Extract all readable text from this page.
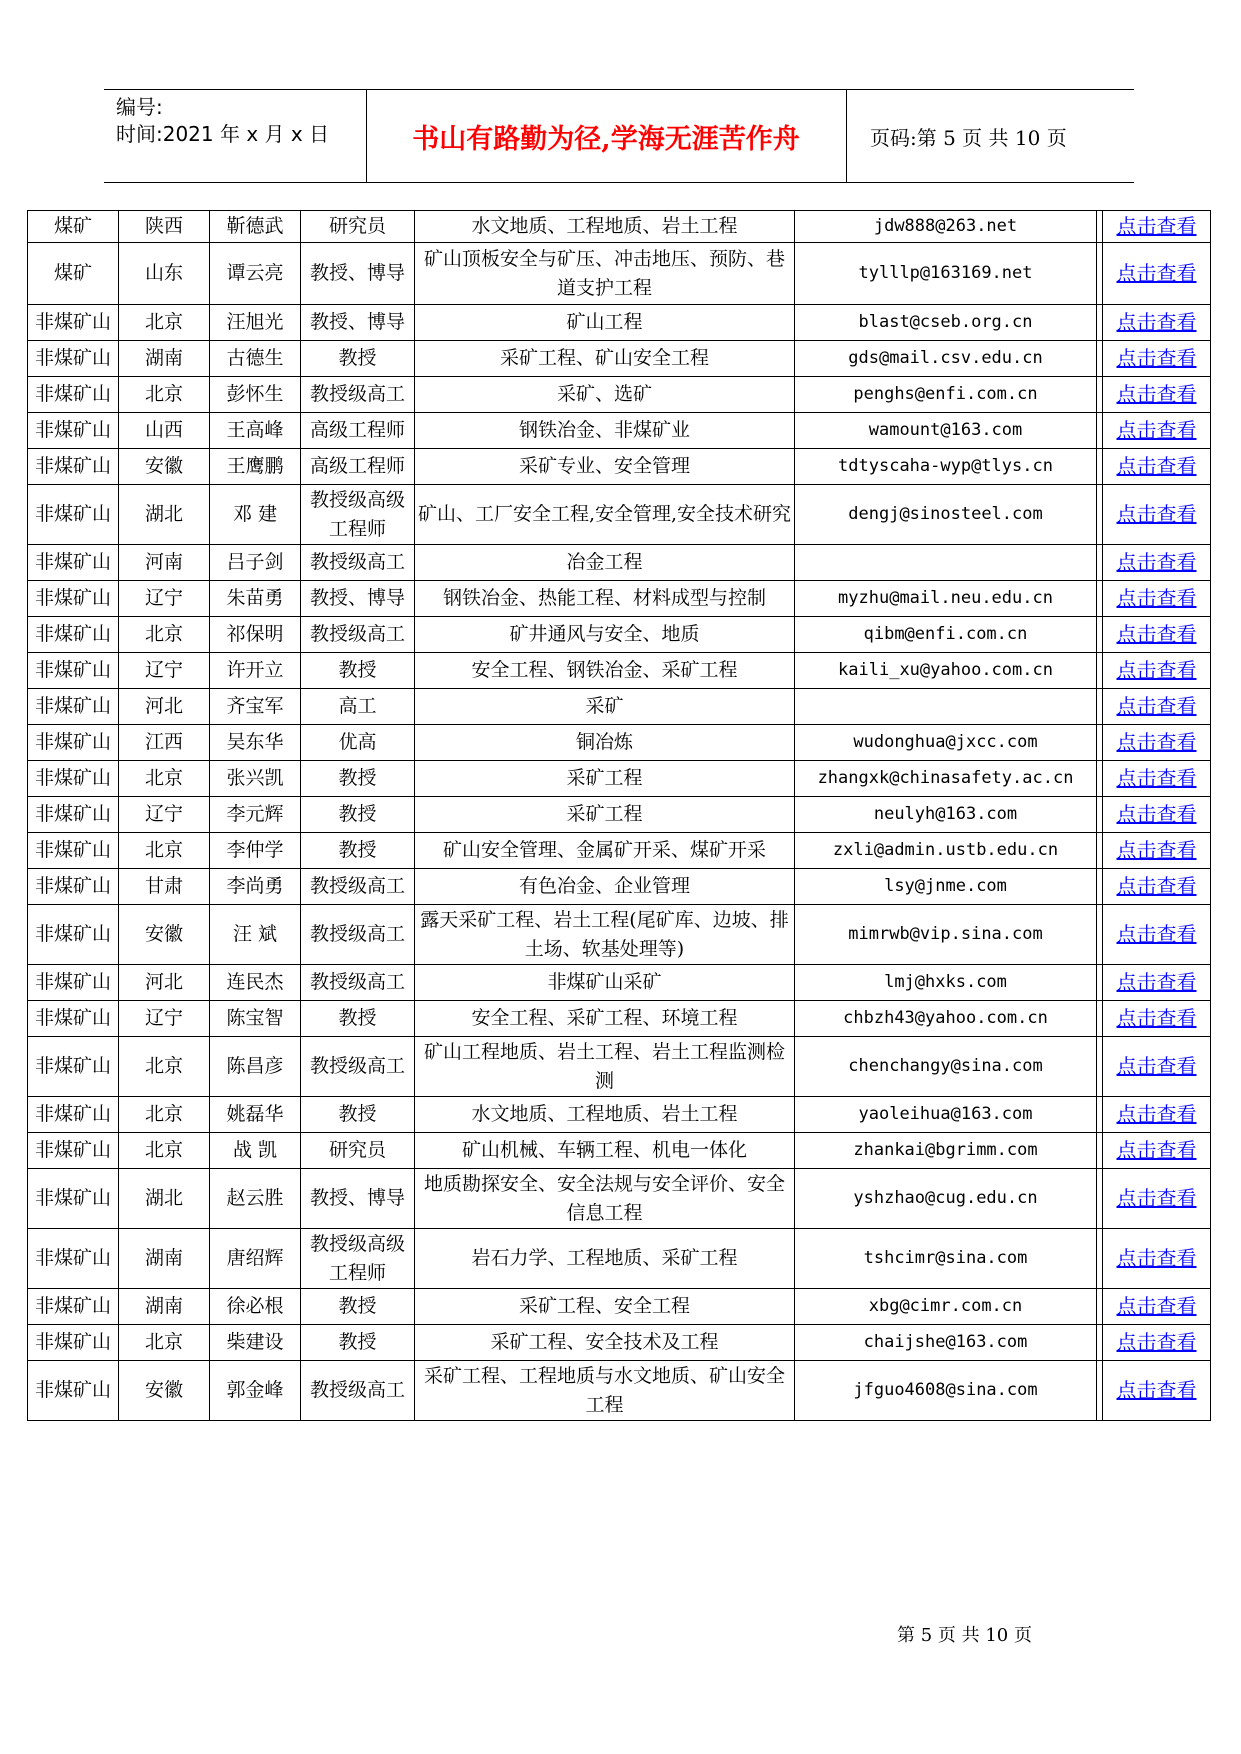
编号:
时间:2021 年 x 月 x 日	书山有路勤为径,学海无涯苦作舟	页码:第 5 页 共 10 页
煤矿	陕西	靳德武	研究员	水文地质、工程地质、岩土工程	jdw888@263.net		点击查看
煤矿	山东	谭云亮	教授、博导	矿山顶板安全与矿压、冲击地压、预防、巷道支护工程	tylllp@163169.net		点击查看
非煤矿山	北京	汪旭光	教授、博导	矿山工程	blast@cseb.org.cn		点击查看
非煤矿山	湖南	古德生	教授	采矿工程、矿山安全工程	gds@mail.csv.edu.cn		点击查看
非煤矿山	北京	彭怀生	教授级高工	采矿、选矿	penghs@enfi.com.cn		点击查看
非煤矿山	山西	王高峰	高级工程师	钢铁冶金、非煤矿业	wamount@163.com		点击查看
非煤矿山	安徽	王鹰鹏	高级工程师	采矿专业、安全管理	tdtyscaha-wyp@tlys.cn		点击查看
非煤矿山	湖北	邓 建	教授级高级工程师	矿山、工厂安全工程,安全管理,安全技术研究	dengj@sinosteel.com		点击查看
非煤矿山	河南	吕子剑	教授级高工	冶金工程			点击查看
非煤矿山	辽宁	朱苗勇	教授、博导	钢铁冶金、热能工程、材料成型与控制	myzhu@mail.neu.edu.cn		点击查看
非煤矿山	北京	祁保明	教授级高工	矿井通风与安全、地质	qibm@enfi.com.cn		点击查看
非煤矿山	辽宁	许开立	教授	安全工程、钢铁冶金、采矿工程	kaili_xu@yahoo.com.cn		点击查看
非煤矿山	河北	齐宝军	高工	采矿			点击查看
非煤矿山	江西	吴东华	优高	铜冶炼	wudonghua@jxcc.com		点击查看
非煤矿山	北京	张兴凯	教授	采矿工程	zhangxk@chinasafety.ac.cn		点击查看
非煤矿山	辽宁	李元辉	教授	采矿工程	neulyh@163.com		点击查看
非煤矿山	北京	李仲学	教授	矿山安全管理、金属矿开采、煤矿开采	zxli@admin.ustb.edu.cn		点击查看
非煤矿山	甘肃	李尚勇	教授级高工	有色冶金、企业管理	lsy@jnme.com		点击查看
非煤矿山	安徽	汪 斌	教授级高工	露天采矿工程、岩土工程(尾矿库、边坡、排土场、软基处理等)	mimrwb@vip.sina.com		点击查看
非煤矿山	河北	连民杰	教授级高工	非煤矿山采矿	lmj@hxks.com		点击查看
非煤矿山	辽宁	陈宝智	教授	安全工程、采矿工程、环境工程	chbzh43@yahoo.com.cn		点击查看
非煤矿山	北京	陈昌彦	教授级高工	矿山工程地质、岩土工程、岩土工程监测检测	chenchangy@sina.com		点击查看
非煤矿山	北京	姚磊华	教授	水文地质、工程地质、岩土工程	yaoleihua@163.com		点击查看
非煤矿山	北京	战 凯	研究员	矿山机械、车辆工程、机电一体化	zhankai@bgrimm.com		点击查看
非煤矿山	湖北	赵云胜	教授、博导	地质勘探安全、安全法规与安全评价、安全信息工程	yshzhao@cug.edu.cn		点击查看
非煤矿山	湖南	唐绍辉	教授级高级工程师	岩石力学、工程地质、采矿工程	tshcimr@sina.com		点击查看
非煤矿山	湖南	徐必根	教授	采矿工程、安全工程	xbg@cimr.com.cn		点击查看
非煤矿山	北京	柴建设	教授	采矿工程、安全技术及工程	chaijshe@163.com		点击查看
非煤矿山	安徽	郭金峰	教授级高工	采矿工程、工程地质与水文地质、矿山安全工程	jfguo4608@sina.com		点击查看
第 5 页 共 10 页
